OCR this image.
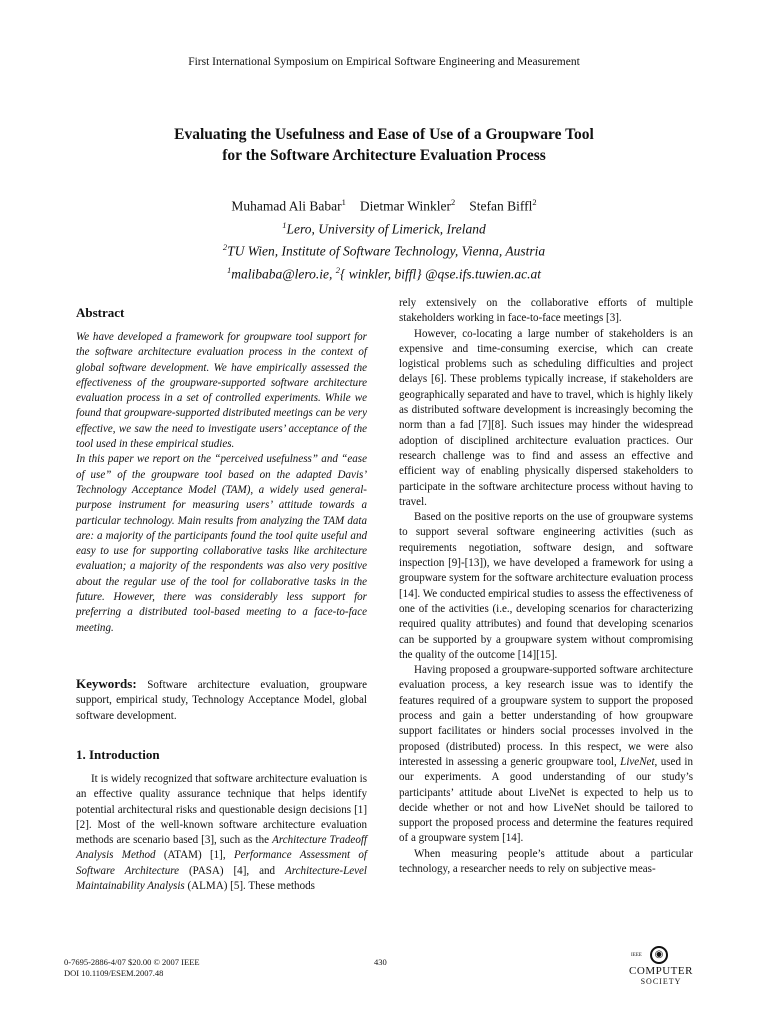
First International Symposium on Empirical Software Engineering and Measurement
Evaluating the Usefulness and Ease of Use of a Groupware Tool
for the Software Architecture Evaluation Process
Muhamad Ali Babar$^1$ Dietmar Winkler$^2$ Stefan Biffl$^2$
$^1$Lero, University of Limerick, Ireland
$^2$TU Wien, Institute of Software Technology, Vienna, Austria
$^1$malibaba@lero.ie, $^2${ winkler, biffl} @qse.ifs.tuwien.ac.at
Abstract

We have developed a framework for groupware tool support for the software architecture evaluation process in the context of global software development. We have empirically assessed the effectiveness of the groupware-supported software architecture evaluation process in a set of controlled experiments. While we found that groupware-supported distributed meetings can be very effective, we saw the need to investigate users’ acceptance of the tool used in these empirical studies.

In this paper we report on the “perceived usefulness” and “ease of use” of the groupware tool based on the adapted Davis’ Technology Acceptance Model (TAM), a widely used general-purpose instrument for measuring users’ attitude towards a particular technology. Main results from analyzing the TAM data are: a majority of the participants found the tool quite useful and easy to use for supporting collaborative tasks like architecture evaluation; a majority of the respondents was also very positive about the regular use of the tool for collaborative tasks in the future. However, there was considerably less support for preferring a distributed tool-based meeting to a face-to-face meeting.

Keywords: Software architecture evaluation, groupware support, empirical study, Technology Acceptance Model, global software development.
1. Introduction

It is widely recognized that software architecture evaluation is an effective quality assurance technique that helps identify potential architectural risks and questionable design decisions [1][2]. Most of the well-known software architecture evaluation methods are scenario based [3], such as the Architecture Tradeoff Analysis Method (ATAM) [1], Performance Assessment of Software Architecture (PASA) [4], and Architecture-Level Maintainability Analysis (ALMA) [5]. These methods

rely extensively on the collaborative efforts of multiple stakeholders working in face-to-face meetings [3].

However, co-locating a large number of stakeholders is an expensive and time-consuming exercise, which can create logistical problems such as scheduling difficulties and project delays [6]. These problems typically increase, if stakeholders are geographically separated and have to travel, which is highly likely as distributed software development is increasingly becoming the norm than a fad [7][8]. Such issues may hinder the widespread adoption of disciplined architecture evaluation practices. Our research challenge was to find and assess an effective and efficient way of enabling physically dispersed stakeholders to participate in the software architecture process without having to travel.

Based on the positive reports on the use of groupware systems to support several software engineering activities (such as requirements negotiation, software design, and software inspection [9]-[13]), we have developed a framework for using a groupware system for the software architecture evaluation process [14]. We conducted empirical studies to assess the effectiveness of one of the activities (i.e., developing scenarios for characterizing required quality attributes) and found that developing scenarios can be supported by a groupware system without compromising the quality of the outcome [14][15].

Having proposed a groupware-supported software architecture evaluation process, a key research issue was to identify the features required of a groupware system to support the proposed process and gain a better understanding of how groupware support facilitates or hinders social processes involved in the proposed (distributed) process. In this respect, we were also interested in assessing a generic groupware tool, LiveNet, used in our experiments. A good understanding of our study’s participants’ attitude about LiveNet is expected to help us to decide whether or not and how LiveNet should be tailored to support the proposed process and determine the features required of a groupware system [14].

When measuring people’s attitude about a particular technology, a researcher needs to rely on subjective meas-

0-7695-2886-4/07 $20.00 © 2007 IEEE
DOI 10.1109/ESEM.2007.48
430
IEEE	◉
COMPUTER
SOCIETY
